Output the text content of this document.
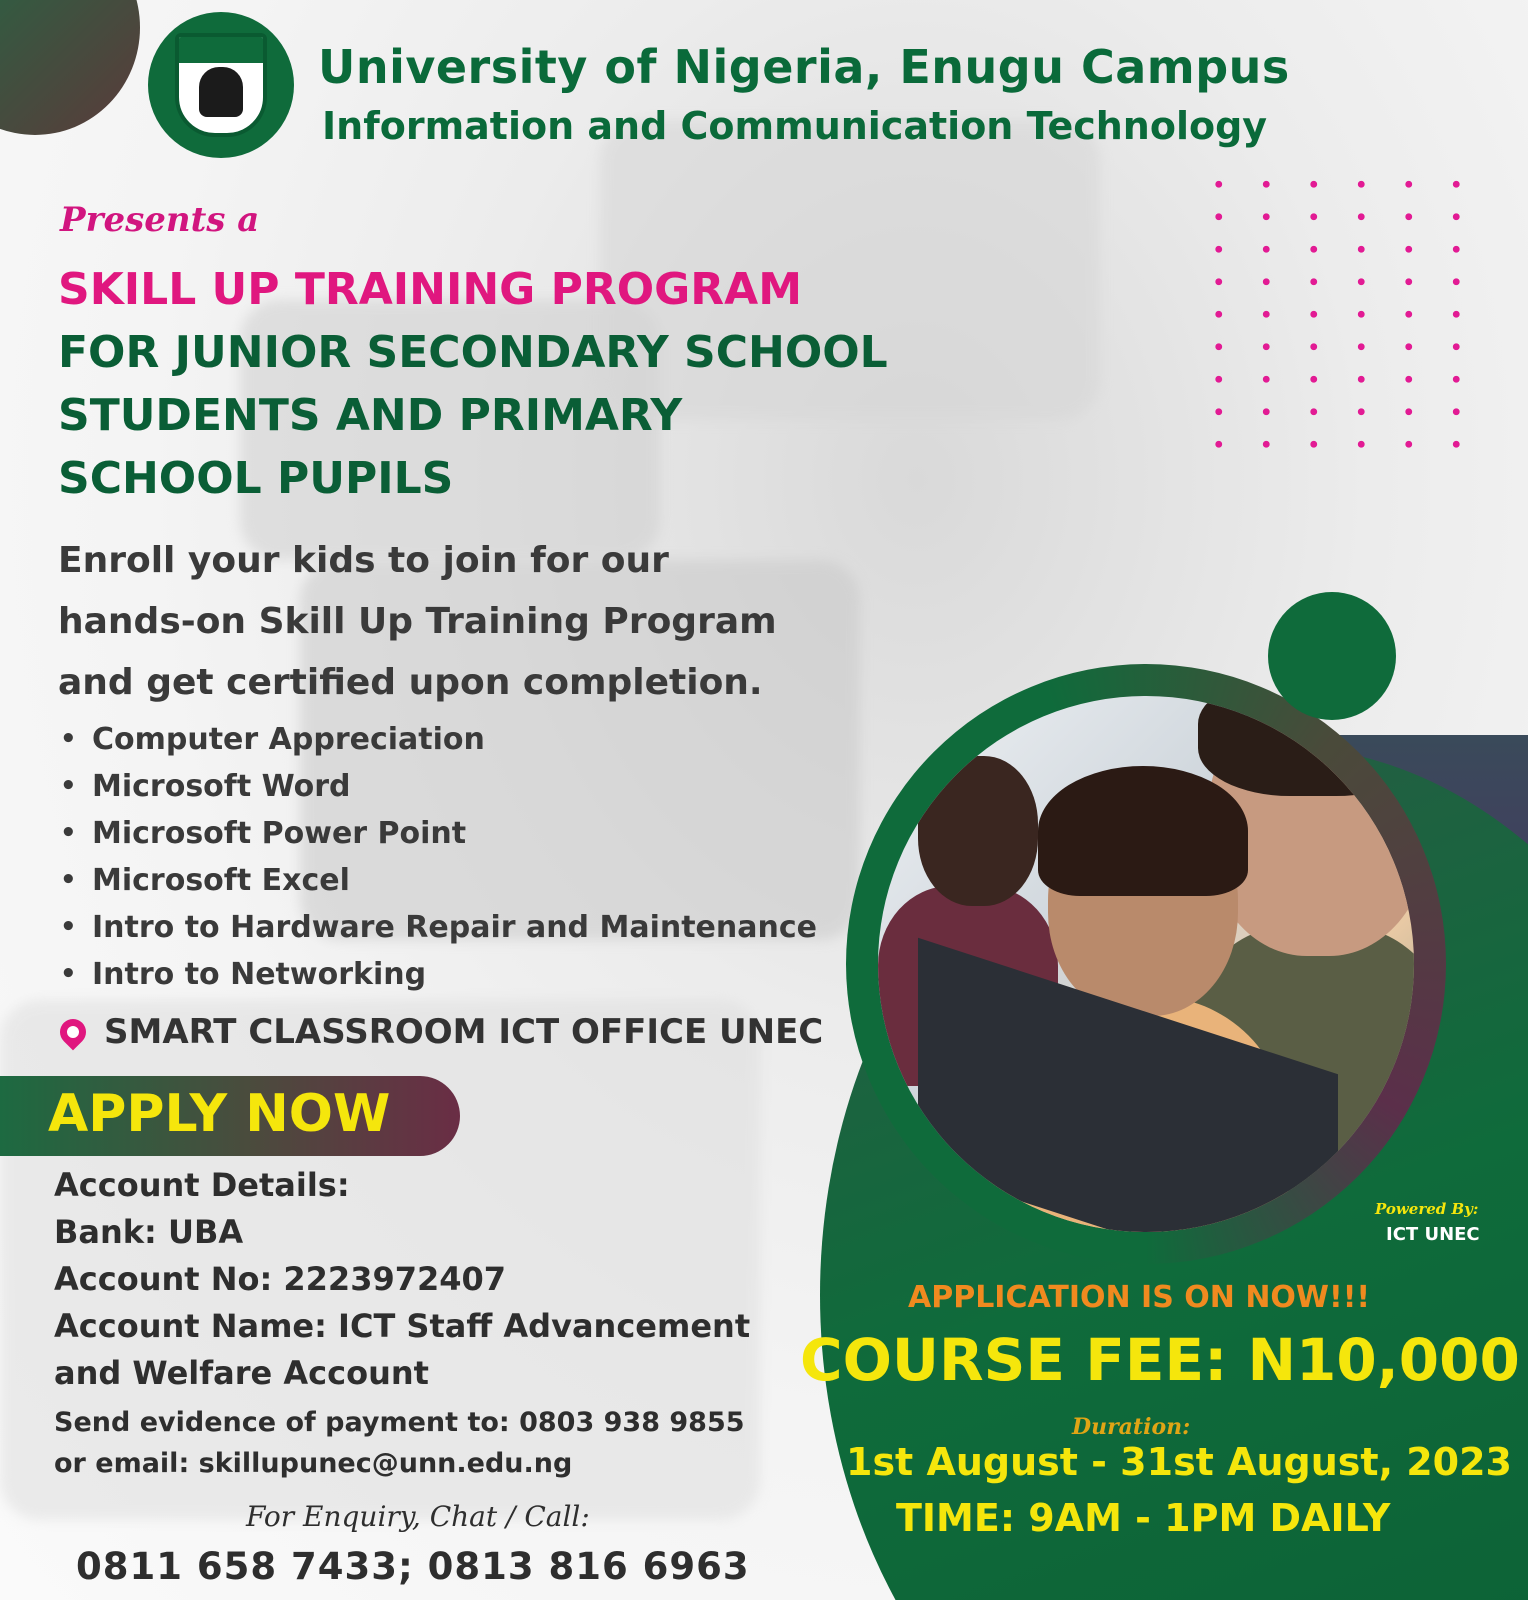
University of Nigeria, Enugu Campus
Information and Communication Technology
Presents a
SKILL UP TRAINING PROGRAM
FOR JUNIOR SECONDARY SCHOOL
STUDENTS AND PRIMARY
SCHOOL PUPILS
Enroll your kids to join for our
hands-on Skill Up Training Program
and get certified upon completion.
• Computer Appreciation
• Microsoft Word
• Microsoft Power Point
• Microsoft Excel
• Intro to Hardware Repair and Maintenance
• Intro to Networking
SMART CLASSROOM ICT OFFICE UNEC
APPLY NOW
Account Details:
Bank: UBA
Account No: 2223972407
Account Name: ICT Staff Advancement
and Welfare Account
Send evidence of payment to: 0803 938 9855
or email: skillupunec@unn.edu.ng
For Enquiry, Chat / Call:
0811 658 7433; 0813 816 6963
Powered By:
ICT UNEC
APPLICATION IS ON NOW!!!
COURSE FEE: N10,000
Duration:
1st August - 31st August, 2023
TIME: 9AM - 1PM DAILY
